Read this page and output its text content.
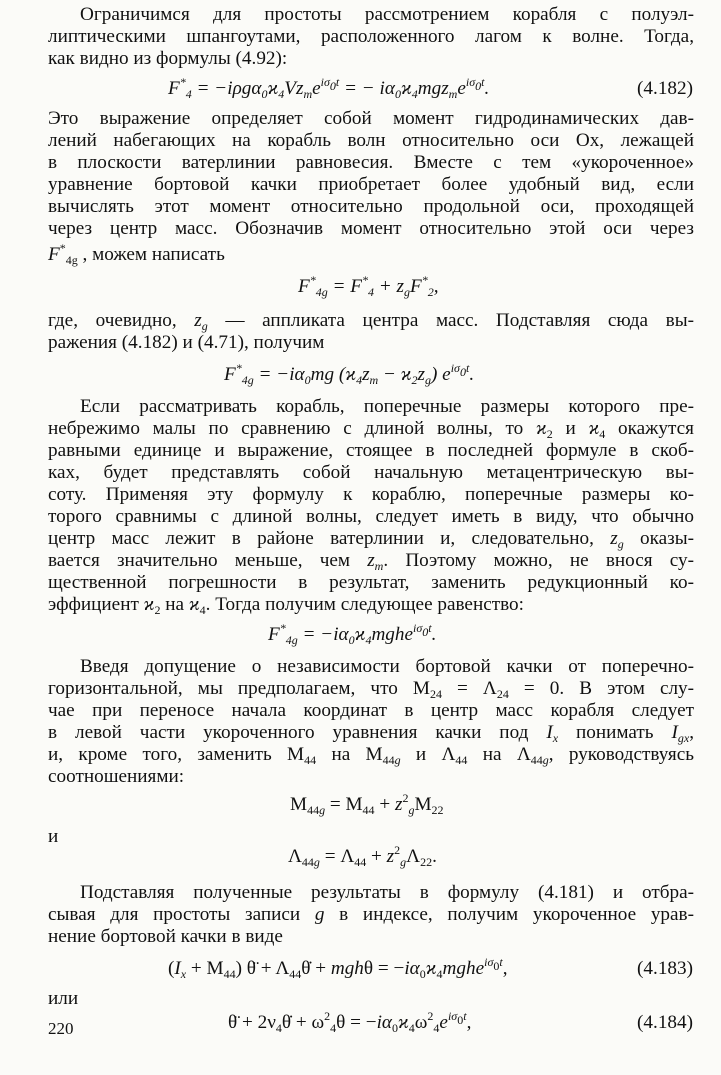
Ограничимся для простоты рассмотрением корабля с полуэл-
липтическими шпангоутами, расположенного лагом к волне. Тогда,
как видно из формулы (4.92):
$F^*_4 = -i\rho g\alpha_0ϰ_4Vz_me^{i\sigma_0t}$ = − $i\alpha_0ϰ_4mgz_me^{i\sigma_0t}$.	(4.182)
Это выражение определяет собой момент гидродинамических дав-
лений набегающих на корабль волн относительно оси Ox, лежащей
в плоскости ватерлинии равновесия. Вместе с тем «укороченное»
уравнение бортовой качки приобретает более удобный вид, если
вычислять этот момент относительно продольной оси, проходящей
через центр масс. Обозначив момент относительно этой оси через
$F^*_{4g}$ , можем написать
$F^*_{4g} = F^*_4 + z_gF^*_2$,
где, очевидно, $z_g$ — аппликата центра масс. Подставляя сюда вы-
ражения (4.182) и (4.71), получим
$F^*_{4g} = -i\alpha_0mg$ $(ϰ_4z_m - ϰ_2z_g)$ $e^{i\sigma_0t}$.
Если рассматривать корабль, поперечные размеры которого пре-
небрежимо малы по сравнению с длиной волны, то $ϰ_2$ и $ϰ_4$ окажутся
равными единице и выражение, стоящее в последней формуле в скоб-
ках, будет представлять собой начальную метацентрическую вы-
соту. Применяя эту формулу к кораблю, поперечные размеры ко-
торого сравнимы с длиной волны, следует иметь в виду, что обычно
центр масс лежит в районе ватерлинии и, следовательно, $z_g$ оказы-
вается значительно меньше, чем $z_m$. Поэтому можно, не внося су-
щественной погрешности в результат, заменить редукционный ко-
эффициент $ϰ_2$ на $ϰ_4$. Тогда получим следующее равенство:
$F^*_{4g}$ = $-i\alpha_0ϰ_4mghe^{i\sigma_0t}$.
Введя допущение о независимости бортовой качки от поперечно-
горизонтальной, мы предполагаем, что $M_{24} = \Lambda_{24} = 0$. В этом слу-
чае при переносе начала координат в центр масс корабля следует
в левой части укороченного уравнения качки под $I_x$ понимать $I_{gx}$,
и, кроме того, заменить $M_{44}$ на $M_{44g}$ и $\Lambda_{44}$ на $\Lambda_{44g}$, руководствуясь
соотношениями:
$M_{44g} = M_{44} + z^2_gM_{22}$
и
$\Lambda_{44g} = \Lambda_{44} + z^2_g\Lambda_{22}$.
Подставляя полученные результаты в формулу (4.181) и отбра-
сывая для простоты записи g в индексе, получим укороченное урав-
нение бортовой качки в виде
$(I_x + M_{44})$ θ̈ + $\Lambda_{44}\thetȧ + mgh\theta$ = $-i\alpha_0ϰ_4mghe^{i\sigma_0t}$,	(4.183)
или
θ̈ + $2\nu_4\thetȧ + \omega^2_4\theta = -i\alpha_0ϰ_4\omega^2_4e^{i\sigma_0t}$,	(4.184)
220
